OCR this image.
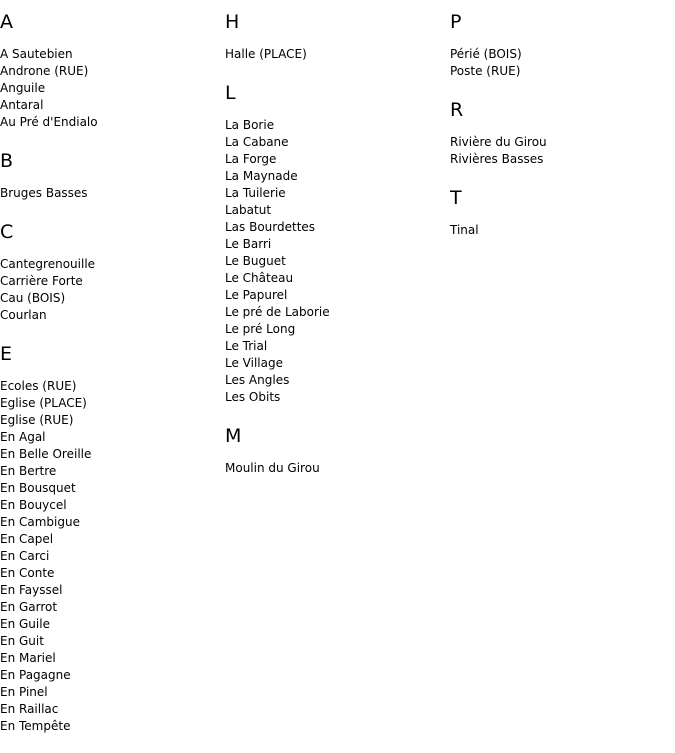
A
A Sautebien
Androne (RUE)
Anguile
Antaral
Au Pré d'Endialo
B
Bruges Basses
C
Cantegrenouille
Carrière Forte
Cau (BOIS)
Courlan
E
Ecoles (RUE)
Eglise (PLACE)
Eglise (RUE)
En Agal
En Belle Oreille
En Bertre
En Bousquet
En Bouycel
En Cambigue
En Capel
En Carci
En Conte
En Fayssel
En Garrot
En Guile
En Guit
En Mariel
En Pagagne
En Pinel
En Raillac
En Tempête
H
Halle (PLACE)
L
La Borie
La Cabane
La Forge
La Maynade
La Tuilerie
Labatut
Las Bourdettes
Le Barri
Le Buguet
Le Château
Le Papurel
Le pré de Laborie
Le pré Long
Le Trial
Le Village
Les Angles
Les Obits
M
Moulin du Girou
P
Périé (BOIS)
Poste (RUE)
R
Rivière du Girou
Rivières Basses
T
Tinal
